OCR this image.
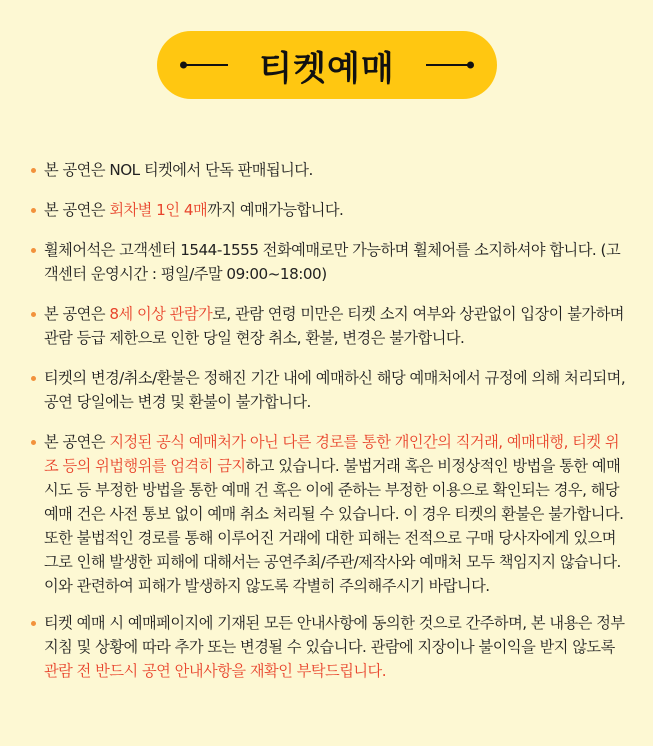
티켓예매
본 공연은 NOL 티켓에서 단독 판매됩니다.
본 공연은 회차별 1인 4매까지 예매가능합니다.
휠체어석은 고객센터 1544-1555 전화예매로만 가능하며 휠체어를 소지하셔야 합니다. (고객센터 운영시간 : 평일/주말 09:00~18:00)
본 공연은 8세 이상 관람가로, 관람 연령 미만은 티켓 소지 여부와 상관없이 입장이 불가하며 관람 등급 제한으로 인한 당일 현장 취소, 환불, 변경은 불가합니다.
티켓의 변경/취소/환불은 정해진 기간 내에 예매하신 해당 예매처에서 규정에 의해 처리되며, 공연 당일에는 변경 및 환불이 불가합니다.
본 공연은 지정된 공식 예매처가 아닌 다른 경로를 통한 개인간의 직거래, 예매대행, 티켓 위조 등의 위법행위를 엄격히 금지하고 있습니다. 불법거래 혹은 비정상적인 방법을 통한 예매시도 등 부정한 방법을 통한 예매 건 혹은 이에 준하는 부정한 이용으로 확인되는 경우, 해당 예매 건은 사전 통보 없이 예매 취소 처리될 수 있습니다. 이 경우 티켓의 환불은 불가합니다. 또한 불법적인 경로를 통해 이루어진 거래에 대한 피해는 전적으로 구매 당사자에게 있으며 그로 인해 발생한 피해에 대해서는 공연주최/주관/제작사와 예매처 모두 책임지지 않습니다. 이와 관련하여 피해가 발생하지 않도록 각별히 주의해주시기 바랍니다.
티켓 예매 시 예매페이지에 기재된 모든 안내사항에 동의한 것으로 간주하며, 본 내용은 정부 지침 및 상황에 따라 추가 또는 변경될 수 있습니다. 관람에 지장이나 불이익을 받지 않도록 관람 전 반드시 공연 안내사항을 재확인 부탁드립니다.
